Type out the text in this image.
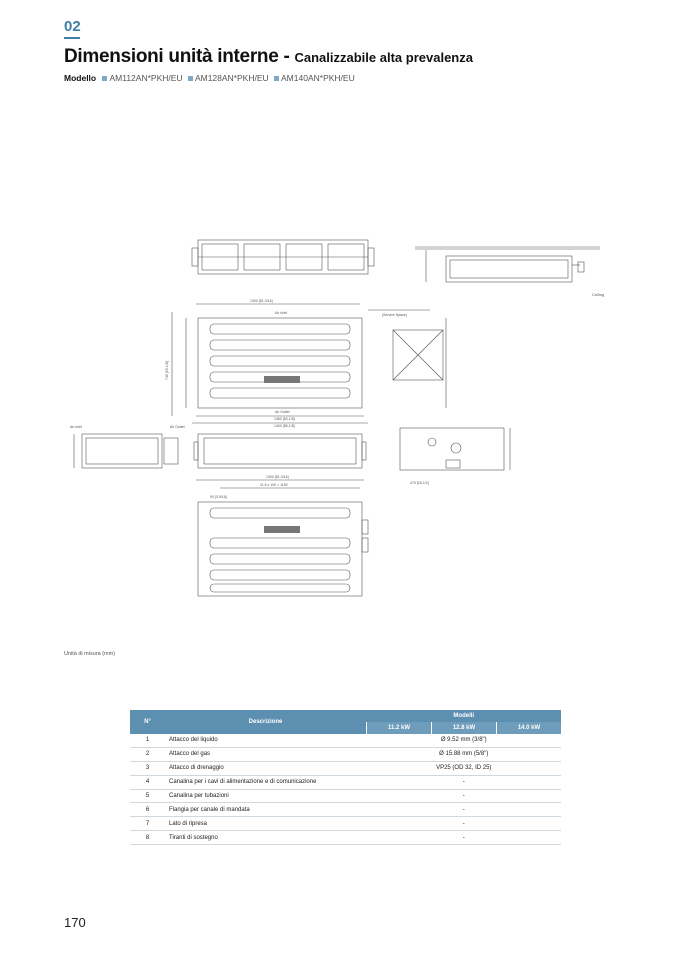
02
Dimensioni unità interne - Canalizzabile alta prevalenza
Modello AM112AN*PKH/EU AM128AN*PKH/EU AM140AN*PKH/EU
Ceiling
1300 [51-3/16]
Air Inlet
740 [29-1/8]
Air Outlet
1360 [53-1/8]
1400 [55-1/8]
(Service Space)
Air Inlet	Air Outlet
470 [18-1/2]
1300 [51-3/16]
11.5 x 100 = 1150
90 [3-9/16]
Unità di misura (mm)
N°	Descrizione	Modelli		
		11.2 kW	12.8 kW	14.0 kW
1	Attacco del liquido	Ø 9.52 mm (3/8")		
2	Attacco del gas	Ø 15.88 mm (5/8")		
3	Attacco di drenaggio	VP25 (OD 32, ID 25)		
4	Canalina per i cavi di alimentazione e di comunicazione	-		
5	Canalina per tubazioni	-		
6	Flangia per canale di mandata	-		
7	Lato di ripresa	-		
8	Tiranti di sostegno	-		
170
